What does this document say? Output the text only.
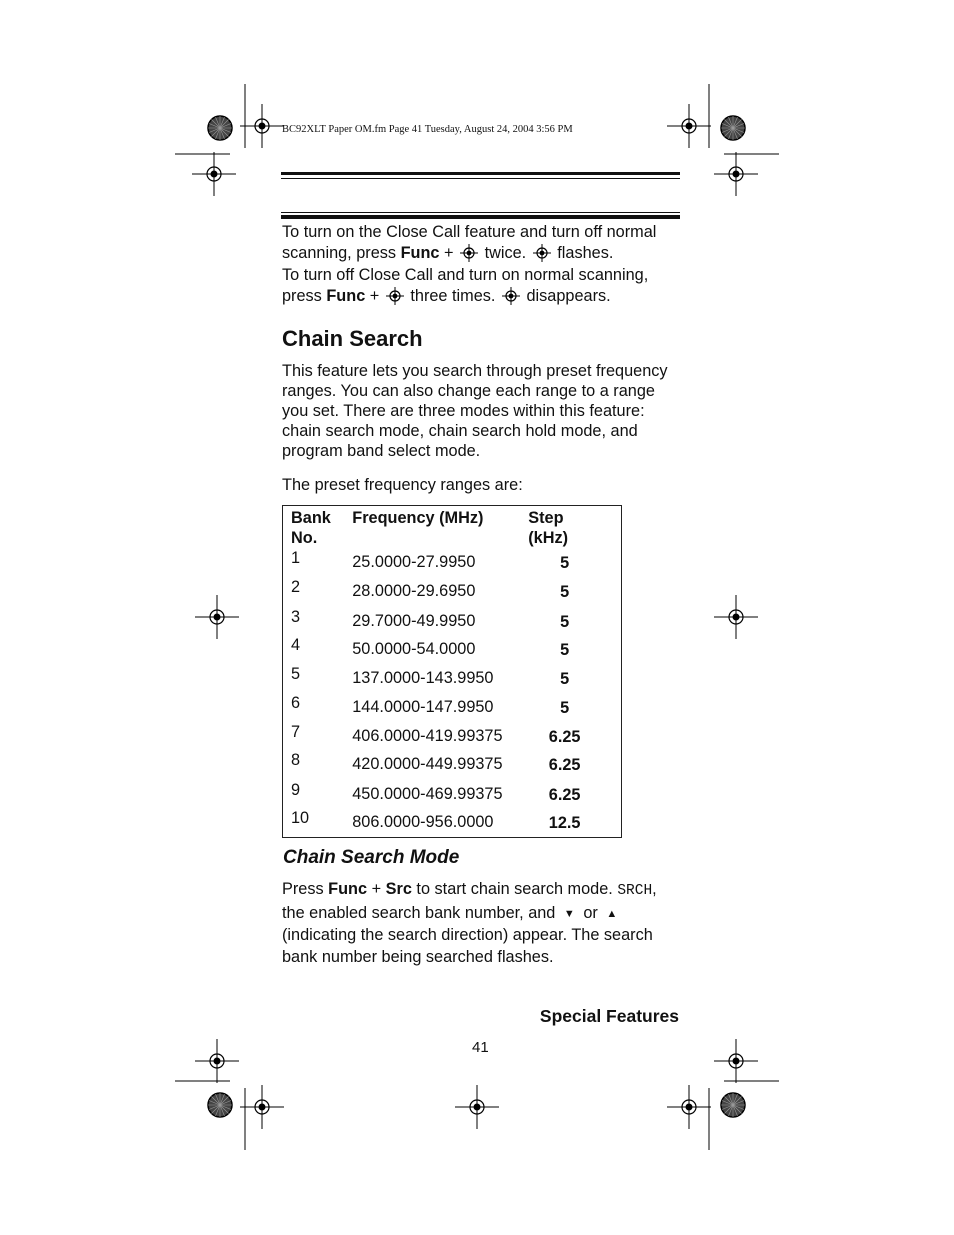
BC92XLT Paper OM.fm Page 41 Tuesday, August 24, 2004 3:56 PM
To turn on the Close Call feature and turn off normal scanning, press Func + twice. flashes.
To turn off Close Call and turn on normal scanning, press Func + three times. disappears.
Chain Search
This feature lets you search through preset frequency ranges. You can also change each range to a range you set. There are three modes within this feature: chain search mode, chain search hold mode, and program band select mode.
The preset frequency ranges are:
Bank
No.	Frequency (MHz)	Step
(kHz)
1	25.0000-27.9950	5
2	28.0000-29.6950	5
3	29.7000-49.9950	5
4	50.0000-54.0000	5
5	137.0000-143.9950	5
6	144.0000-147.9950	5
7	406.0000-419.99375	6.25
8	420.0000-449.99375	6.25
9	450.0000-469.99375	6.25
10	806.0000-956.0000	12.5
Chain Search Mode
Press Func + Src to start chain search mode. SRCH, the enabled search bank number, and ▼ or ▲ (indicating the search direction) appear. The search bank number being searched flashes.
Special Features
41
